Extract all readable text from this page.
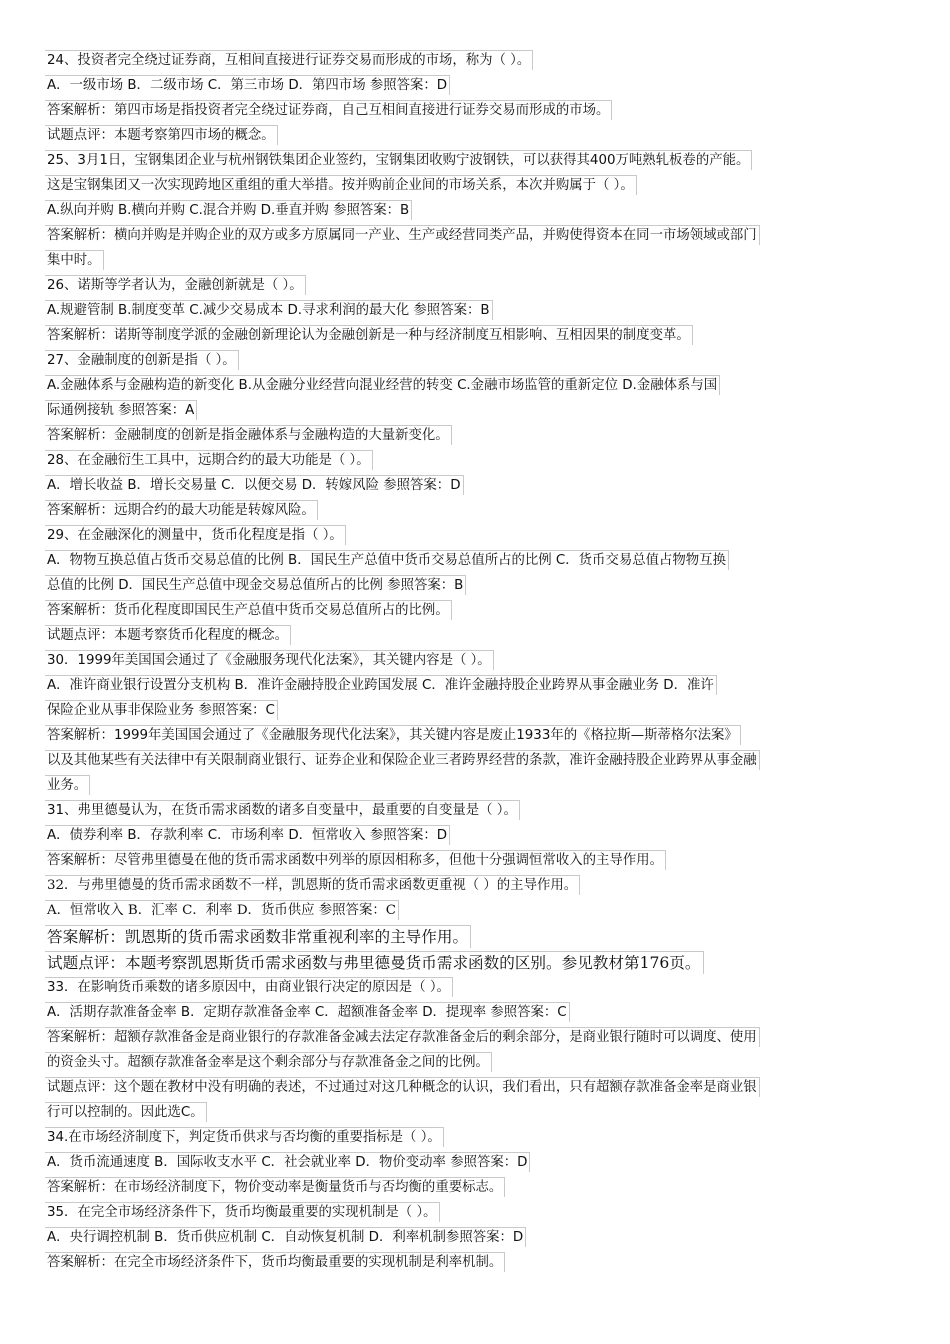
24、投资者完全绕过证券商，互相间直接进行证券交易而形成的市场，称为（ ）。
A．一级市场 B．二级市场 C．第三市场 D．第四市场 参照答案：D
答案解析：第四市场是指投资者完全绕过证券商，自己互相间直接进行证券交易而形成的市场。
试题点评：本题考察第四市场的概念。
25、3月1日，宝钢集团企业与杭州钢铁集团企业签约，宝钢集团收购宁波钢铁，可以获得其400万吨熟轧板卷的产能。
这是宝钢集团又一次实现跨地区重组的重大举措。按并购前企业间的市场关系，本次并购属于（ ）。
A.纵向并购 B.横向并购 C.混合并购 D.垂直并购 参照答案：B
答案解析：横向并购是并购企业的双方或多方原属同一产业、生产或经营同类产品，并购使得资本在同一市场领域或部门
集中时。
26、诺斯等学者认为，金融创新就是（ ）。
A.规避管制 B.制度变革 C.减少交易成本 D.寻求利润的最大化 参照答案：B
答案解析：诺斯等制度学派的金融创新理论认为金融创新是一种与经济制度互相影响、互相因果的制度变革。
27、金融制度的创新是指（ ）。
A.金融体系与金融构造的新变化 B.从金融分业经营向混业经营的转变 C.金融市场监管的重新定位 D.金融体系与国
际通例接轨 参照答案：A
答案解析：金融制度的创新是指金融体系与金融构造的大量新变化。
28、在金融衍生工具中，远期合约的最大功能是（ ）。
A．增长收益 B．增长交易量 C．以便交易 D．转嫁风险 参照答案：D
答案解析：远期合约的最大功能是转嫁风险。
29、在金融深化的测量中，货币化程度是指（ ）。
A．物物互换总值占货币交易总值的比例 B．国民生产总值中货币交易总值所占的比例 C．货币交易总值占物物互换
总值的比例 D．国民生产总值中现金交易总值所占的比例 参照答案：B
答案解析：货币化程度即国民生产总值中货币交易总值所占的比例。
试题点评：本题考察货币化程度的概念。
30．1999年美国国会通过了《金融服务现代化法案》，其关键内容是（ ）。
A．准许商业银行设置分支机构 B．准许金融持股企业跨国发展 C．准许金融持股企业跨界从事金融业务 D．准许
保险企业从事非保险业务 参照答案：C
答案解析：1999年美国国会通过了《金融服务现代化法案》，其关键内容是废止1933年的《格拉斯—斯蒂格尔法案》
以及其他某些有关法律中有关限制商业银行、证券企业和保险企业三者跨界经营的条款，准许金融持股企业跨界从事金融
业务。
31、弗里德曼认为，在货币需求函数的诸多自变量中，最重要的自变量是（ ）。
A．债券利率 B．存款利率 C．市场利率 D．恒常收入 参照答案：D
答案解析：尽管弗里德曼在他的货币需求函数中列举的原因相称多，但他十分强调恒常收入的主导作用。
32．与弗里德曼的货币需求函数不一样，凯恩斯的货币需求函数更重视（ ）的主导作用。
A．恒常收入 B．汇率 C．利率 D．货币供应 参照答案：C
答案解析：凯恩斯的货币需求函数非常重视利率的主导作用。
试题点评：本题考察凯恩斯货币需求函数与弗里德曼货币需求函数的区别。参见教材第176页。
33．在影响货币乘数的诸多原因中，由商业银行决定的原因是（ ）。
A．活期存款准备金率 B．定期存款准备金率 C．超额准备金率 D．提现率 参照答案：C
答案解析：超额存款准备金是商业银行的存款准备金减去法定存款准备金后的剩余部分，是商业银行随时可以调度、使用
的资金头寸。超额存款准备金率是这个剩余部分与存款准备金之间的比例。
试题点评：这个题在教材中没有明确的表述，不过通过对这几种概念的认识，我们看出，只有超额存款准备金率是商业银
行可以控制的。因此选C。
34.在市场经济制度下，判定货币供求与否均衡的重要指标是（ ）。
A．货币流通速度 B．国际收支水平 C．社会就业率 D．物价变动率 参照答案：D
答案解析：在市场经济制度下，物价变动率是衡量货币与否均衡的重要标志。
35．在完全市场经济条件下，货币均衡最重要的实现机制是（ ）。
A．央行调控机制 B．货币供应机制 C．自动恢复机制 D．利率机制参照答案：D
答案解析：在完全市场经济条件下，货币均衡最重要的实现机制是利率机制。
